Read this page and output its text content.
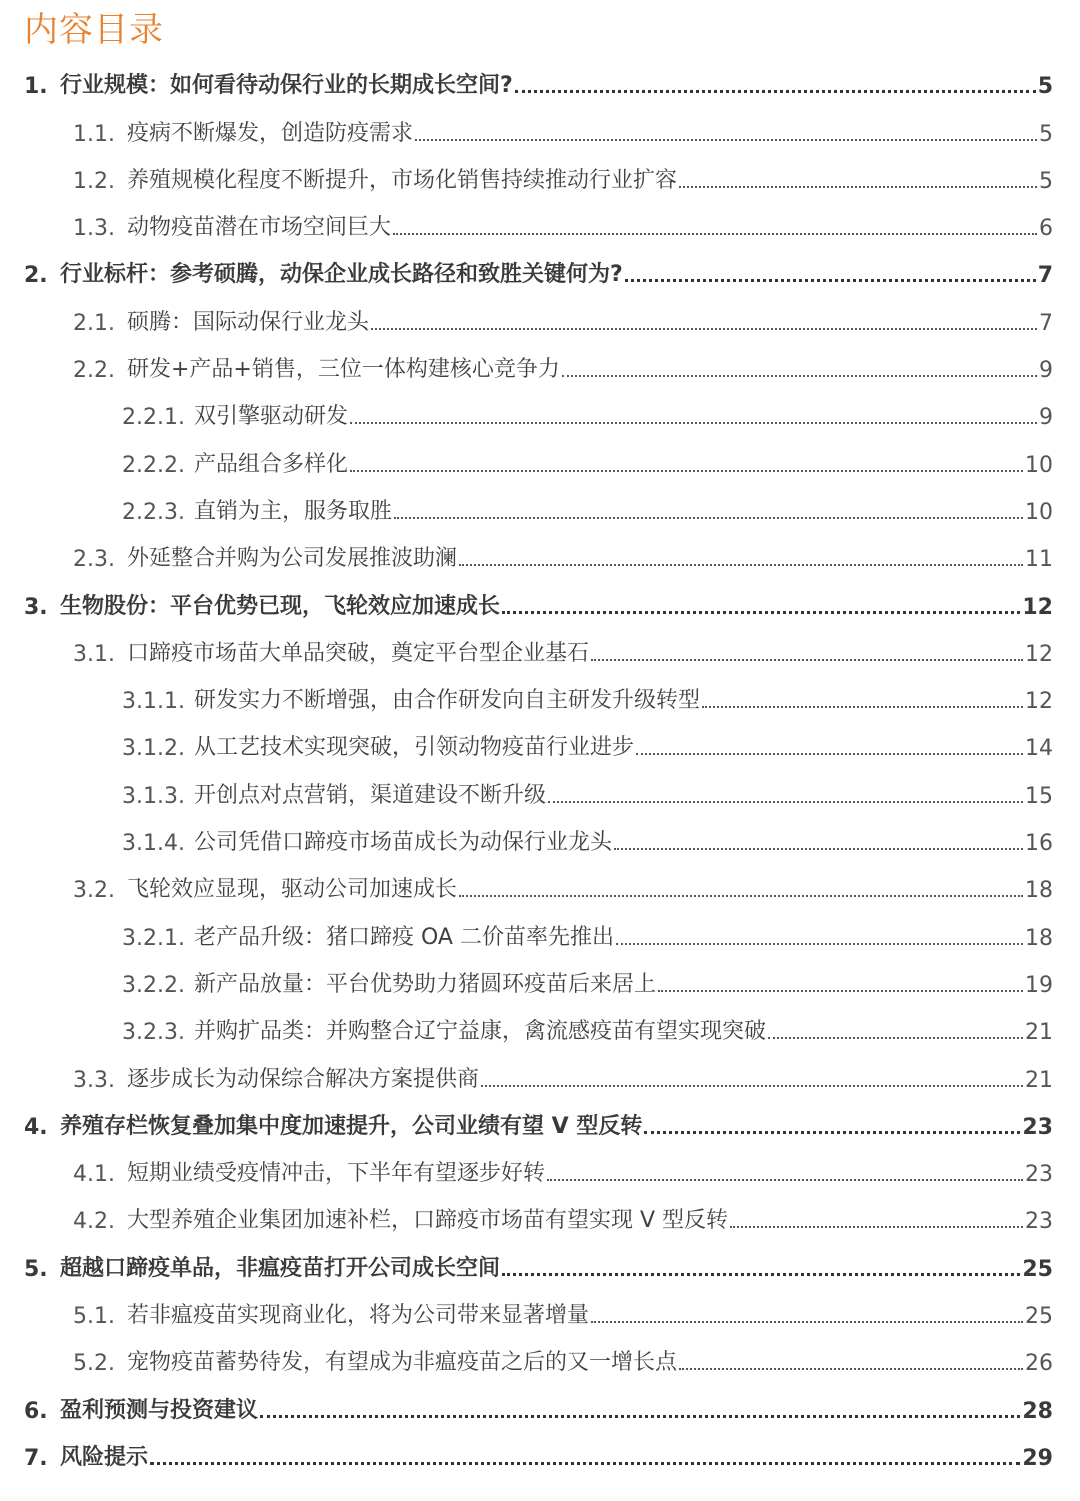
内容目录
1. 行业规模：如何看待动保行业的长期成长空间?	5
1.1. 疫病不断爆发，创造防疫需求	5
1.2. 养殖规模化程度不断提升，市场化销售持续推动行业扩容	5
1.3. 动物疫苗潜在市场空间巨大	6
2. 行业标杆：参考硕腾，动保企业成长路径和致胜关键何为?	7
2.1. 硕腾：国际动保行业龙头	7
2.2. 研发+产品+销售，三位一体构建核心竞争力	9
2.2.1. 双引擎驱动研发	9
2.2.2. 产品组合多样化	10
2.2.3. 直销为主，服务取胜	10
2.3. 外延整合并购为公司发展推波助澜	11
3. 生物股份：平台优势已现，飞轮效应加速成长	12
3.1. 口蹄疫市场苗大单品突破，奠定平台型企业基石	12
3.1.1. 研发实力不断增强，由合作研发向自主研发升级转型	12
3.1.2. 从工艺技术实现突破，引领动物疫苗行业进步	14
3.1.3. 开创点对点营销，渠道建设不断升级	15
3.1.4. 公司凭借口蹄疫市场苗成长为动保行业龙头	16
3.2. 飞轮效应显现，驱动公司加速成长	18
3.2.1. 老产品升级：猪口蹄疫 OA 二价苗率先推出	18
3.2.2. 新产品放量：平台优势助力猪圆环疫苗后来居上	19
3.2.3. 并购扩品类：并购整合辽宁益康，禽流感疫苗有望实现突破	21
3.3. 逐步成长为动保综合解决方案提供商	21
4. 养殖存栏恢复叠加集中度加速提升，公司业绩有望 V 型反转	23
4.1. 短期业绩受疫情冲击，下半年有望逐步好转	23
4.2. 大型养殖企业集团加速补栏，口蹄疫市场苗有望实现 V 型反转	23
5. 超越口蹄疫单品，非瘟疫苗打开公司成长空间	25
5.1. 若非瘟疫苗实现商业化，将为公司带来显著增量	25
5.2. 宠物疫苗蓄势待发，有望成为非瘟疫苗之后的又一增长点	26
6. 盈利预测与投资建议	28
7. 风险提示	29
